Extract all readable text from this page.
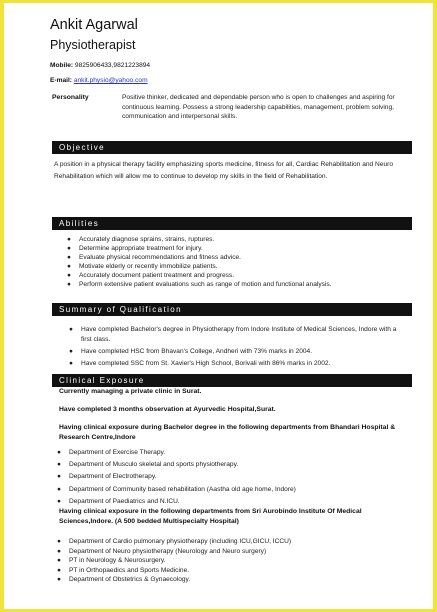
Ankit Agarwal
Physiotherapist
Mobile: 9825906433,9821223894
E-mail: ankit.physio@yahoo.com
Personality	Positive thinker, dedicated and dependable person who is open to challenges and aspiring for continuous learning. Possess a strong leadership capabilities, management, problem solving, communication and interpersonal skills.
Objective
A position in a physical therapy facility emphasizing sports medicine, fitness for all, Cardiac Rehabilitation and Neuro Rehabilitation which will allow me to continue to develop my skills in the field of Rehabilitation.
Abilities
● Accurately diagnose sprains, strains, ruptures.
● Determine appropriate treatment for injury.
● Evaluate physical recommendations and fitness advice.
● Motivate elderly or recently immobilize patients.
● Accurately document patient treatment and progress.
● Perform extensive patient evaluations such as range of motion and functional analysis.
Summary of Qualification
● Have completed Bachelor's degree in Physiotherapy from Indore Institute of Medical Sciences, Indore with a first class.
● Have completed HSC from Bhavan's College, Andheri with 73% marks in 2004.
● Have completed SSC from St. Xavier's High School, Borivali with 86% marks in 2002.
Clinical Exposure
Currently managing a private clinic in Surat.
Have completed 3 months observation at Ayurvedic Hospital,Surat.
Having clinical exposure during Bachelor degree in the following departments from Bhandari Hospital & Research Centre,Indore
● Department of Exercise Therapy.
● Department of Musculo skeletal and sports physiotherapy.
● Department of Electrotherapy.
● Department of Community based rehabilitation (Aastha old age home, Indore)
● Department of Paediatrics and N.ICU.
Having clinical exposure in the following departments from Sri Aurobindo Institute Of Medical Sciences,Indore. (A 500 bedded Multispecialty Hospital)
● Department of Cardio pulmonary physiotherapy (including ICU,GICU, ICCU)
● Department of Neuro physiotherapy (Neurology and Neuro surgery)
● PT in Neurology & Neurosurgery.
● PT in Orthopaedics and Sports Medicine.
● Department of Obstetrics & Gynaecology.
